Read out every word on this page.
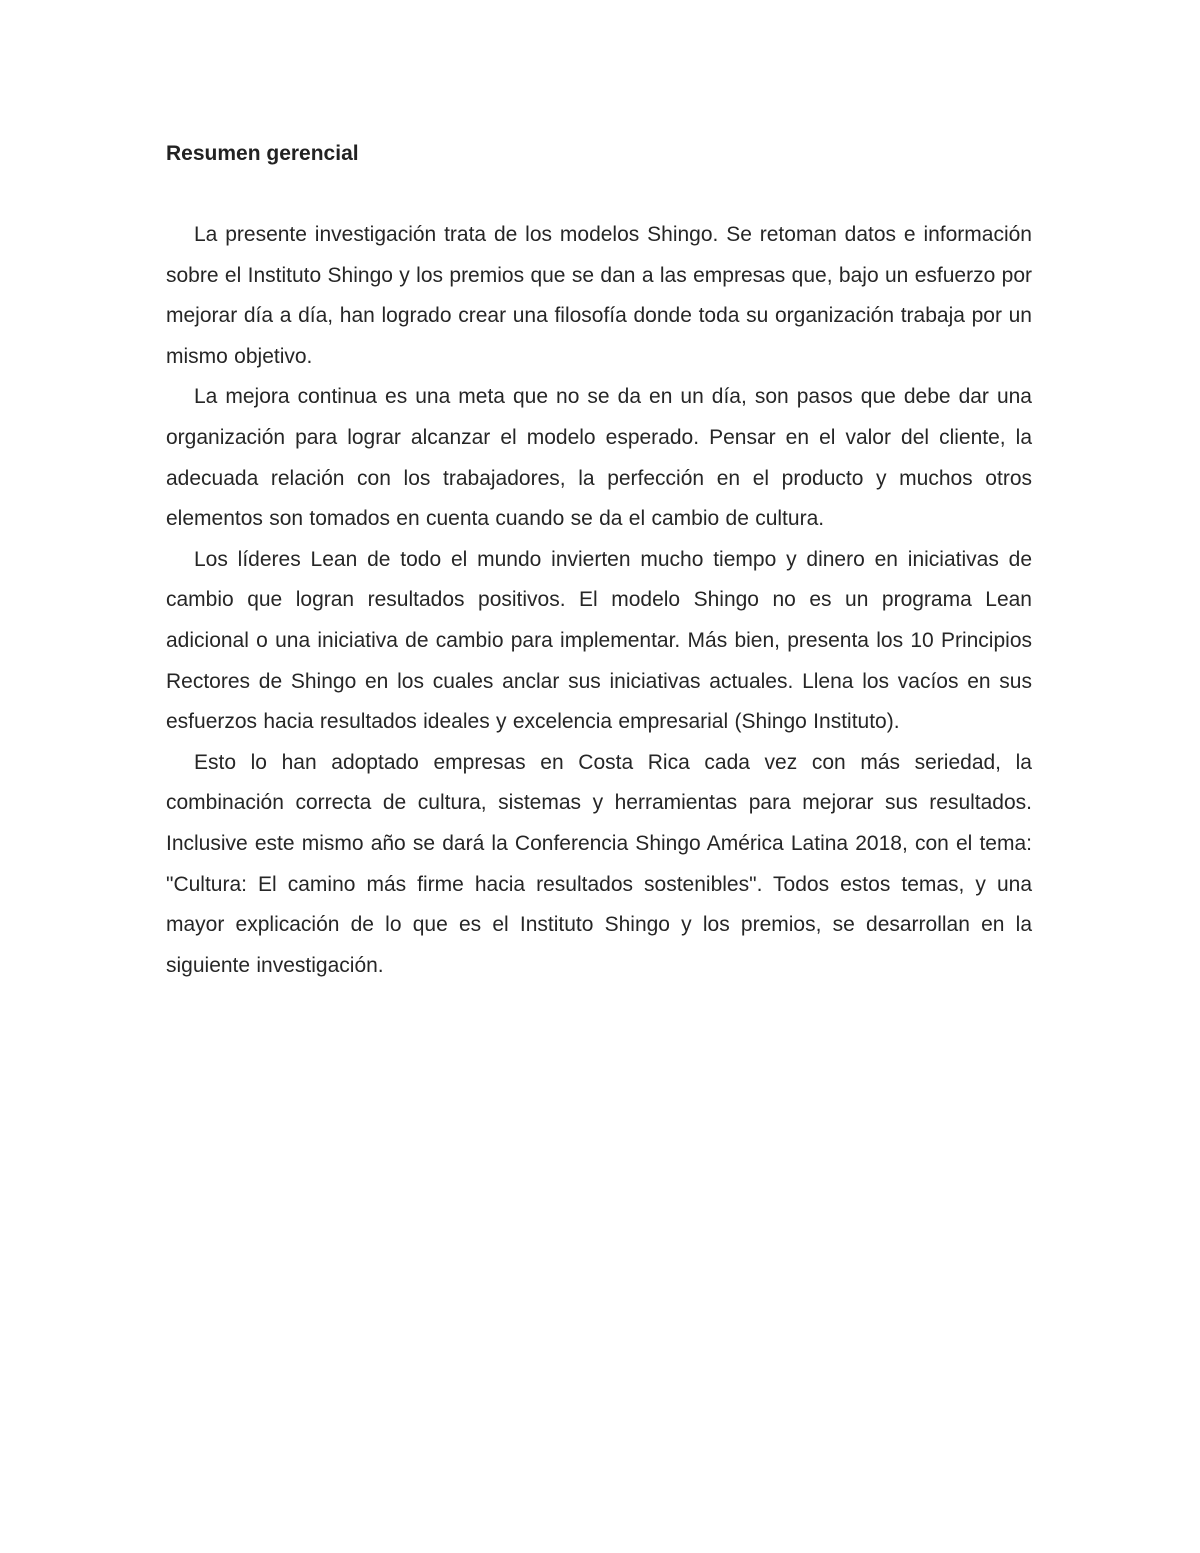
Resumen gerencial

La presente investigación trata de los modelos Shingo. Se retoman datos e información sobre el Instituto Shingo y los premios que se dan a las empresas que, bajo un esfuerzo por mejorar día a día, han logrado crear una filosofía donde toda su organización trabaja por un mismo objetivo.

La mejora continua es una meta que no se da en un día, son pasos que debe dar una organización para lograr alcanzar el modelo esperado. Pensar en el valor del cliente, la adecuada relación con los trabajadores, la perfección en el producto y muchos otros elementos son tomados en cuenta cuando se da el cambio de cultura.

Los líderes Lean de todo el mundo invierten mucho tiempo y dinero en iniciativas de cambio que logran resultados positivos. El modelo Shingo no es un programa Lean adicional o una iniciativa de cambio para implementar. Más bien, presenta los 10 Principios Rectores de Shingo en los cuales anclar sus iniciativas actuales. Llena los vacíos en sus esfuerzos hacia resultados ideales y excelencia empresarial (Shingo Instituto).

Esto lo han adoptado empresas en Costa Rica cada vez con más seriedad, la combinación correcta de cultura, sistemas y herramientas para mejorar sus resultados. Inclusive este mismo año se dará la Conferencia Shingo América Latina 2018, con el tema: "Cultura: El camino más firme hacia resultados sostenibles". Todos estos temas, y una mayor explicación de lo que es el Instituto Shingo y los premios, se desarrollan en la siguiente investigación.
